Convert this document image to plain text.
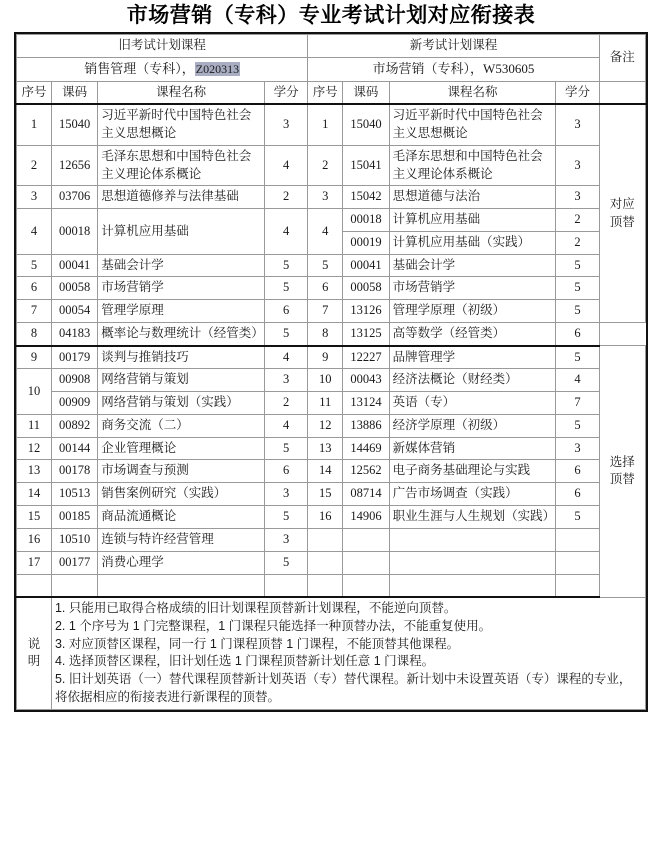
市场营销（专科）专业考试计划对应衔接表
旧考试计划课程				新考试计划课程				备注
销售管理（专科），Z020313				市场营销（专科），W530605				
序号	课码	课程名称	学分	序号	课码	课程名称	学分	
1	15040	习近平新时代中国特色社会主义思想概论	3	1	15040	习近平新时代中国特色社会主义思想概论	3	对应
顶替

2	12656	毛泽东思想和中国特色社会主义理论体系概论	4	2	15041	毛泽东思想和中国特色社会主义理论体系概论	3	
3	03706	思想道德修养与法律基础	2	3	15042	思想道德与法治	3	
4	00018	计算机应用基础	4	4	00018	计算机应用基础	2	
					00019	计算机应用基础（实践）	2	
5	00041	基础会计学	5	5	00041	基础会计学	5	
6	00058	市场营销学	5	6	00058	市场营销学	5	
7	00054	管理学原理	6	7	13126	管理学原理（初级）	5	
8	04183	概率论与数理统计（经管类）	5	8	13125	高等数学（经管类）	6	
9	00179	谈判与推销技巧	4	9	12227	品牌管理学	5	选择
顶替

10	00908	网络营销与策划	3	10	00043	经济法概论（财经类）	4	
	00909	网络营销与策划（实践）	2	11	13124	英语（专）	7	
11	00892	商务交流（二）	4	12	13886	经济学原理（初级）	5	
12	00144	企业管理概论	5	13	14469	新媒体营销	3	
13	00178	市场调查与预测	6	14	12562	电子商务基础理论与实践	6	
14	10513	销售案例研究（实践）	3	15	08714	广告市场调查（实践）	6	
15	00185	商品流通概论	5	16	14906	职业生涯与人生规划（实践）	5	
16	10510	连锁与特许经营管理	3					
17	00177	消费心理学	5					

说
明

1. 只能用已取得合格成绩的旧计划课程顶替新计划课程，不能逆向顶替。
2. 1 个序号为 1 门完整课程，1 门课程只能选择一种顶替办法，不能重复使用。
3. 对应顶替区课程，同一行 1 门课程顶替 1 门课程，不能顶替其他课程。
4. 选择顶替区课程，旧计划任选 1 门课程顶替新计划任意 1 门课程。
5. 旧计划英语（一）替代课程顶替新计划英语（专）替代课程。新计划中未设置英语（专）课程的专业，将依据相应的衔接表进行新课程的顶替。
